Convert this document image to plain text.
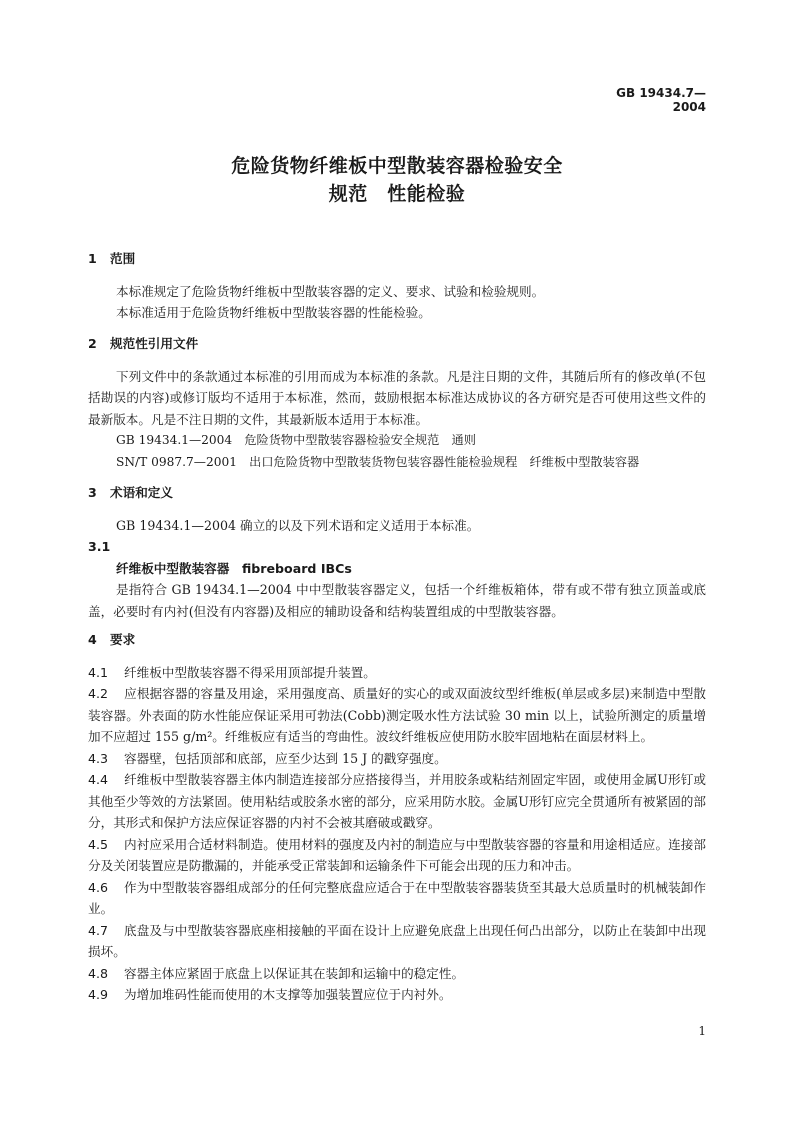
GB 19434.7—2004
危险货物纤维板中型散装容器检验安全
规范　性能检验
1 范围
本标准规定了危险货物纤维板中型散装容器的定义、要求、试验和检验规则。
本标准适用于危险货物纤维板中型散装容器的性能检验。
2 规范性引用文件
下列文件中的条款通过本标准的引用而成为本标准的条款。凡是注日期的文件，其随后所有的修改单(不包括勘误的内容)或修订版均不适用于本标准，然而，鼓励根据本标准达成协议的各方研究是否可使用这些文件的最新版本。凡是不注日期的文件，其最新版本适用于本标准。
GB 19434.1—2004　危险货物中型散装容器检验安全规范　通则
SN/T 0987.7—2001　出口危险货物中型散装货物包装容器性能检验规程　纤维板中型散装容器
3 术语和定义
GB 19434.1—2004 确立的以及下列术语和定义适用于本标准。
3.1
纤维板中型散装容器　fibreboard IBCs
是指符合 GB 19434.1—2004 中中型散装容器定义，包括一个纤维板箱体，带有或不带有独立顶盖或底盖，必要时有内衬(但没有内容器)及相应的辅助设备和结构装置组成的中型散装容器。
4 要求
4.1 纤维板中型散装容器不得采用顶部提升装置。
4.2 应根据容器的容量及用途，采用强度高、质量好的实心的或双面波纹型纤维板(单层或多层)来制造中型散装容器。外表面的防水性能应保证采用可勃法(Cobb)测定吸水性方法试验 30 min 以上，试验所测定的质量增加不应超过 155 g/m²。纤维板应有适当的弯曲性。波纹纤维板应使用防水胶牢固地粘在面层材料上。
4.3 容器壁，包括顶部和底部，应至少达到 15 J 的戳穿强度。
4.4 纤维板中型散装容器主体内制造连接部分应搭接得当，并用胶条或粘结剂固定牢固，或使用金属U形钉或其他至少等效的方法紧固。使用粘结或胶条水密的部分，应采用防水胶。金属U形钉应完全贯通所有被紧固的部分，其形式和保护方法应保证容器的内衬不会被其磨破或戳穿。
4.5 内衬应采用合适材料制造。使用材料的强度及内衬的制造应与中型散装容器的容量和用途相适应。连接部分及关闭装置应是防撒漏的，并能承受正常装卸和运输条件下可能会出现的压力和冲击。
4.6 作为中型散装容器组成部分的任何完整底盘应适合于在中型散装容器装货至其最大总质量时的机械装卸作业。
4.7 底盘及与中型散装容器底座相接触的平面在设计上应避免底盘上出现任何凸出部分，以防止在装卸中出现损坏。
4.8 容器主体应紧固于底盘上以保证其在装卸和运输中的稳定性。
4.9 为增加堆码性能而使用的木支撑等加强装置应位于内衬外。
1
